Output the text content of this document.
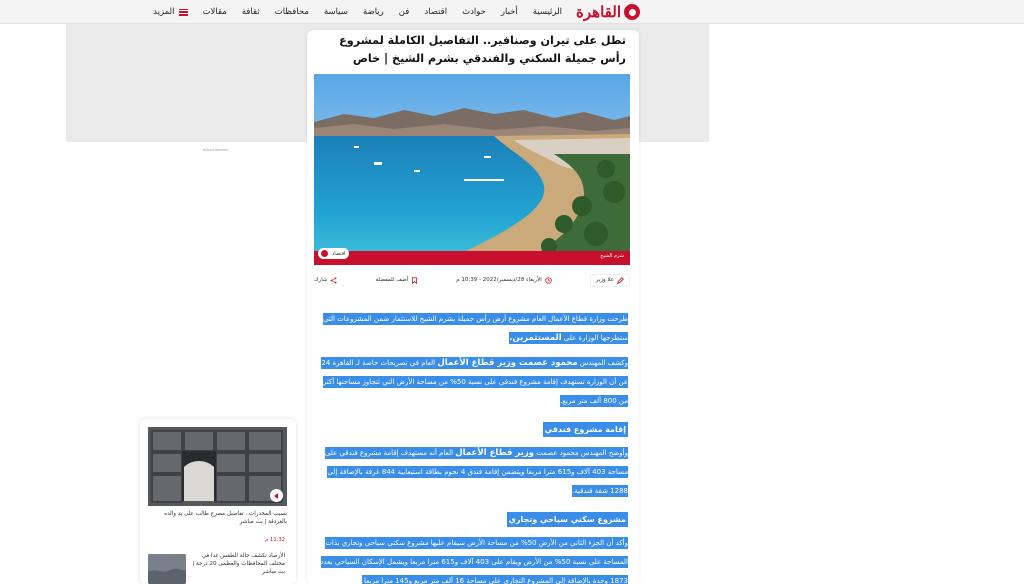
القاهرة
الرئيسية
أخبار
حوادث
اقتصاد
فن
رياضة
سياسة
محافظات
ثقافة
مقالات
المزيد
Advertisement
تطل على تيران وصنافير.. التفاصيل الكاملة لمشروع رأس جميلة السكني والفندقي بشرم الشيخ | خاص
شرم الشيخ
اقتصاد
علا وزير
الأربعاء 28/ديسمبر/2022 - 10:39 م
أضف للمفضلة
شارك

طرحت وزارة قطاع الأعمال العام مشروع أرض رأس جميلة بشرم الشيخ للاستثمار ضمن المشروعات التي ستطرحها الوزارة على المستثمرين.

وكشف المهندس محمود عصمت وزير قطاع الأعمال العام في تصريحات خاصة لـ القاهرة 24 عن أن الوزارة تستهدف إقامة مشروع فندقي على نسبة 50% من مساحة الأرض التي تتجاوز مساحتها أكثر من 800 ألف متر مربع.

إقامة مشروع فندقي

وأوضح المهندس محمود عصمت وزير قطاع الأعمال العام أنه مستهدف إقامة مشروع فندقي على مساحة 403 آلاف و615 مترا مربعا ويتضمن إقامة فندق 4 نجوم بطاقة استيعابية 844 غرفة بالإضافة إلى 1288 شقة فندقية.

مشروع سكني سياحي وتجاري

وأكد أن الجزء الثاني من الأرض 50% من مساحة الأرض سيقام عليها مشروع سكني سياحي وتجاري بذات المساحة على نسبة 50% من الأرض ويقام على 403 آلاف و615 مترا مربعا ويشمل الإسكان السياحي بعدد 1873 وحدة بالإضافة إلى المشروع التجاري على مساحة 16 ألف متر مربع و145 مترا مربعا.

بسبب المخدرات.. تفاصيل مصرع طالب على يد والده بالغردقة | بث مباشر
11:32 م
الأرصاد تكشف حالة الطقس غدا في مختلف المحافظات والعظمى 20 درجة | بث مباشر
